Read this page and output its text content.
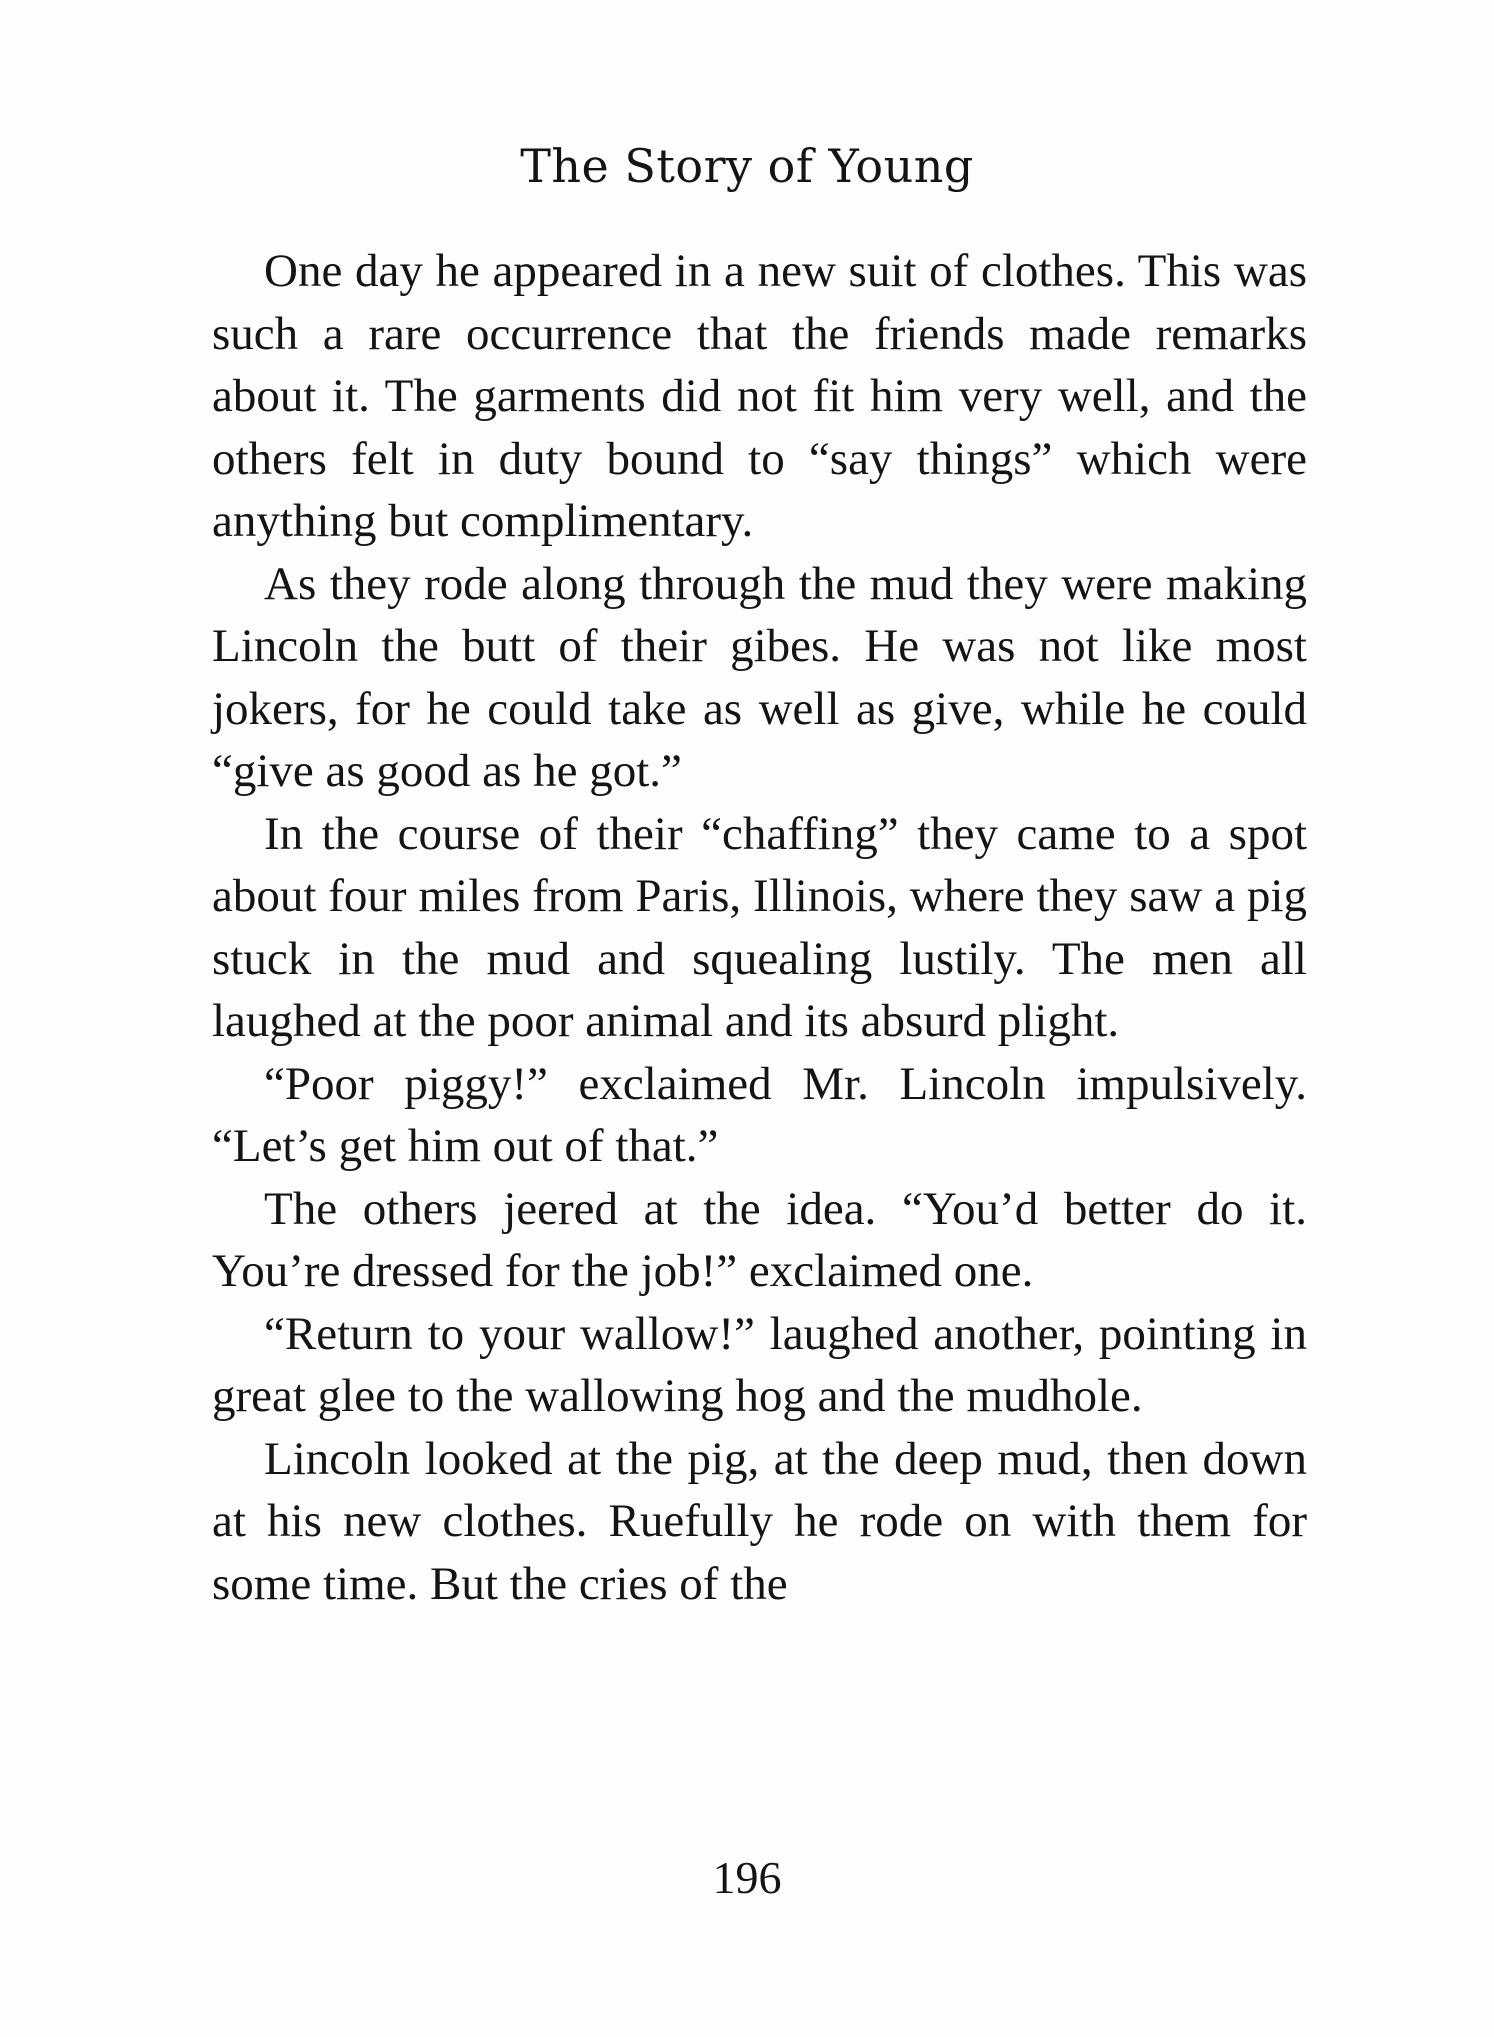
The Story of Young

One day he appeared in a new suit of clothes. This was such a rare occurrence that the friends made remarks about it. The garments did not fit him very well, and the others felt in duty bound to “say things” which were anything but complimentary.

As they rode along through the mud they were making Lincoln the butt of their gibes. He was not like most jokers, for he could take as well as give, while he could “give as good as he got.”

In the course of their “chaffing” they came to a spot about four miles from Paris, Illinois, where they saw a pig stuck in the mud and squealing lustily. The men all laughed at the poor animal and its absurd plight.

“Poor piggy!” exclaimed Mr. Lincoln impulsively. “Let’s get him out of that.”

The others jeered at the idea. “You’d better do it. You’re dressed for the job!” exclaimed one.

“Return to your wallow!” laughed another, pointing in great glee to the wallowing hog and the mudhole.

Lincoln looked at the pig, at the deep mud, then down at his new clothes. Ruefully he rode on with them for some time. But the cries of the

196
